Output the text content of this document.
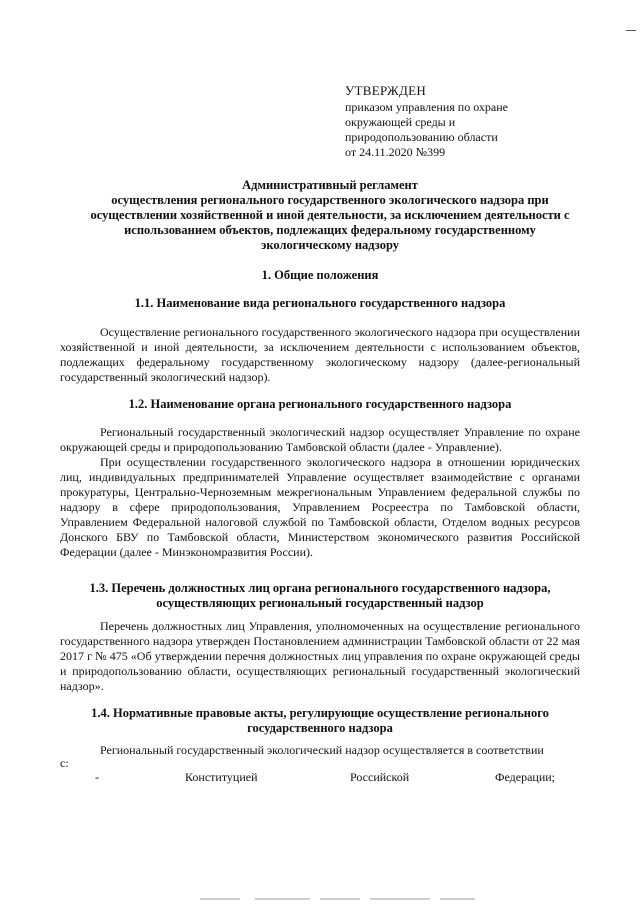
УТВЕРЖДЕН
приказом управления по охране
окружающей среды и
природопользованию области
от 24.11.2020 №399
Административный регламент
осуществления регионального государственного экологического надзора при
осуществлении хозяйственной и иной деятельности, за исключением деятельности с
использованием объектов, подлежащих федеральному государственному
экологическому надзору
1. Общие положения
1.1. Наименование вида регионального государственного надзора
Осуществление регионального государственного экологического надзора при осуществлении хозяйственной и иной деятельности, за исключением деятельности с использованием объектов, подлежащих федеральному государственному экологическому надзору (далее-региональный государственный экологический надзор).
1.2. Наименование органа регионального государственного надзора
Региональный государственный экологический надзор осуществляет Управление по охране окружающей среды и природопользованию Тамбовской области (далее - Управление).
При осуществлении государственного экологического надзора в отношении юридических лиц, индивидуальных предпринимателей Управление осуществляет взаимодействие с органами прокуратуры, Центрально-Черноземным межрегиональным Управлением федеральной службы по надзору в сфере природопользования, Управлением Росреестра по Тамбовской области, Управлением Федеральной налоговой службой по Тамбовской области, Отделом водных ресурсов Донского БВУ по Тамбовской области, Министерством экономического развития Российской Федерации (далее - Минэкономразвития России).
1.3. Перечень должностных лиц органа регионального государственного надзора,
осуществляющих региональный государственный надзор
Перечень должностных лиц Управления, уполномоченных на осуществление регионального государственного надзора утвержден Постановлением администрации Тамбовской области от 22 мая 2017 г № 475 «Об утверждении перечня должностных лиц управления по охране окружающей среды и природопользованию области, осуществляющих региональный государственный экологический надзор».
1.4. Нормативные правовые акты, регулирующие осуществление регионального
государственного надзора
Региональный государственный экологический надзор осуществляется в соответствии
с:
-	Конституцией	Российской	Федерации;
